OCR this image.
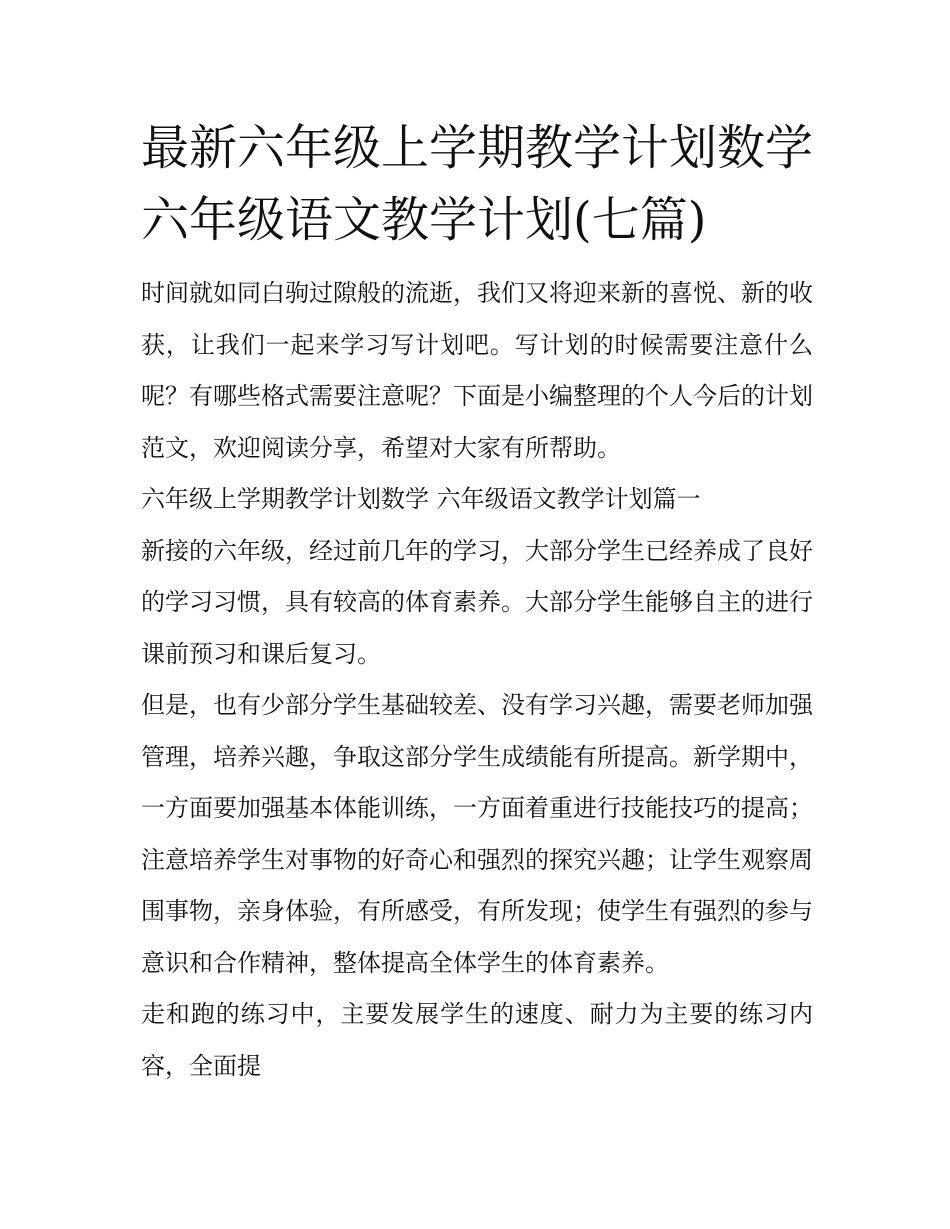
最新六年级上学期教学计划数学 六年级语文教学计划(七篇)

时间就如同白驹过隙般的流逝，我们又将迎来新的喜悦、新的收获，让我们一起来学习写计划吧。写计划的时候需要注意什么呢？有哪些格式需要注意呢？下面是小编整理的个人今后的计划范文，欢迎阅读分享，希望对大家有所帮助。

六年级上学期教学计划数学 六年级语文教学计划篇一

新接的六年级，经过前几年的学习，大部分学生已经养成了良好的学习习惯，具有较高的体育素养。大部分学生能够自主的进行课前预习和课后复习。

但是，也有少部分学生基础较差、没有学习兴趣，需要老师加强管理，培养兴趣，争取这部分学生成绩能有所提高。新学期中，一方面要加强基本体能训练，一方面着重进行技能技巧的提高；注意培养学生对事物的好奇心和强烈的探究兴趣；让学生观察周围事物，亲身体验，有所感受，有所发现；使学生有强烈的参与意识和合作精神，整体提高全体学生的体育素养。

走和跑的练习中，主要发展学生的速度、耐力为主要的练习内容，全面提
